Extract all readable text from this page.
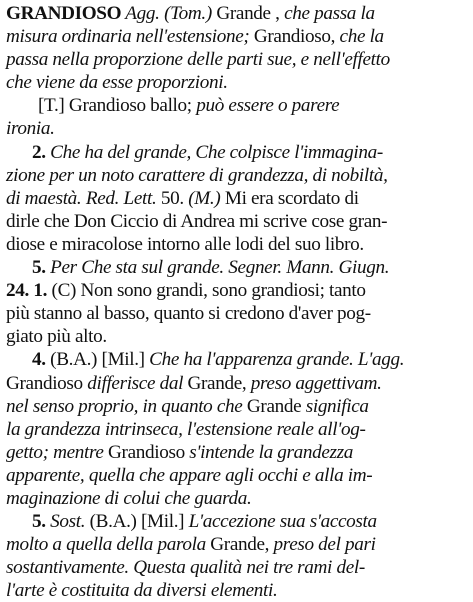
GRANDIOSO Agg. (Tom.) Grande , che passa la
misura ordinaria nell'estensione; Grandioso, che la
passa nella proporzione delle parti sue, e nell'effetto
che viene da esse proporzioni.
[T.] Grandioso ballo; può essere o parere
ironia.
2. Che ha del grande, Che colpisce l'immagina-
zione per un noto carattere di grandezza, di nobiltà,
di maestà. Red. Lett. 50. (M.) Mi era scordato di
dirle che Don Ciccio di Andrea mi scrive cose gran-
diose e miracolose intorno alle lodi del suo libro.
5. Per Che sta sul grande. Segner. Mann. Giugn.
24. 1. (C) Non sono grandi, sono grandiosi; tanto
più stanno al basso, quanto si credono d'aver pog-
giato più alto.
4. (B.A.) [Mil.] Che ha l'apparenza grande. L'agg.
Grandioso differisce dal Grande, preso aggettivam.
nel senso proprio, in quanto che Grande significa
la grandezza intrinseca, l'estensione reale all'og-
getto; mentre Grandioso s'intende la grandezza
apparente, quella che appare agli occhi e alla im-
maginazione di colui che guarda.
5. Sost. (B.A.) [Mil.] L'accezione sua s'accosta
molto a quella della parola Grande, preso del pari
sostantivamente. Questa qualità nei tre rami del-
l'arte è costituita da diversi elementi.
